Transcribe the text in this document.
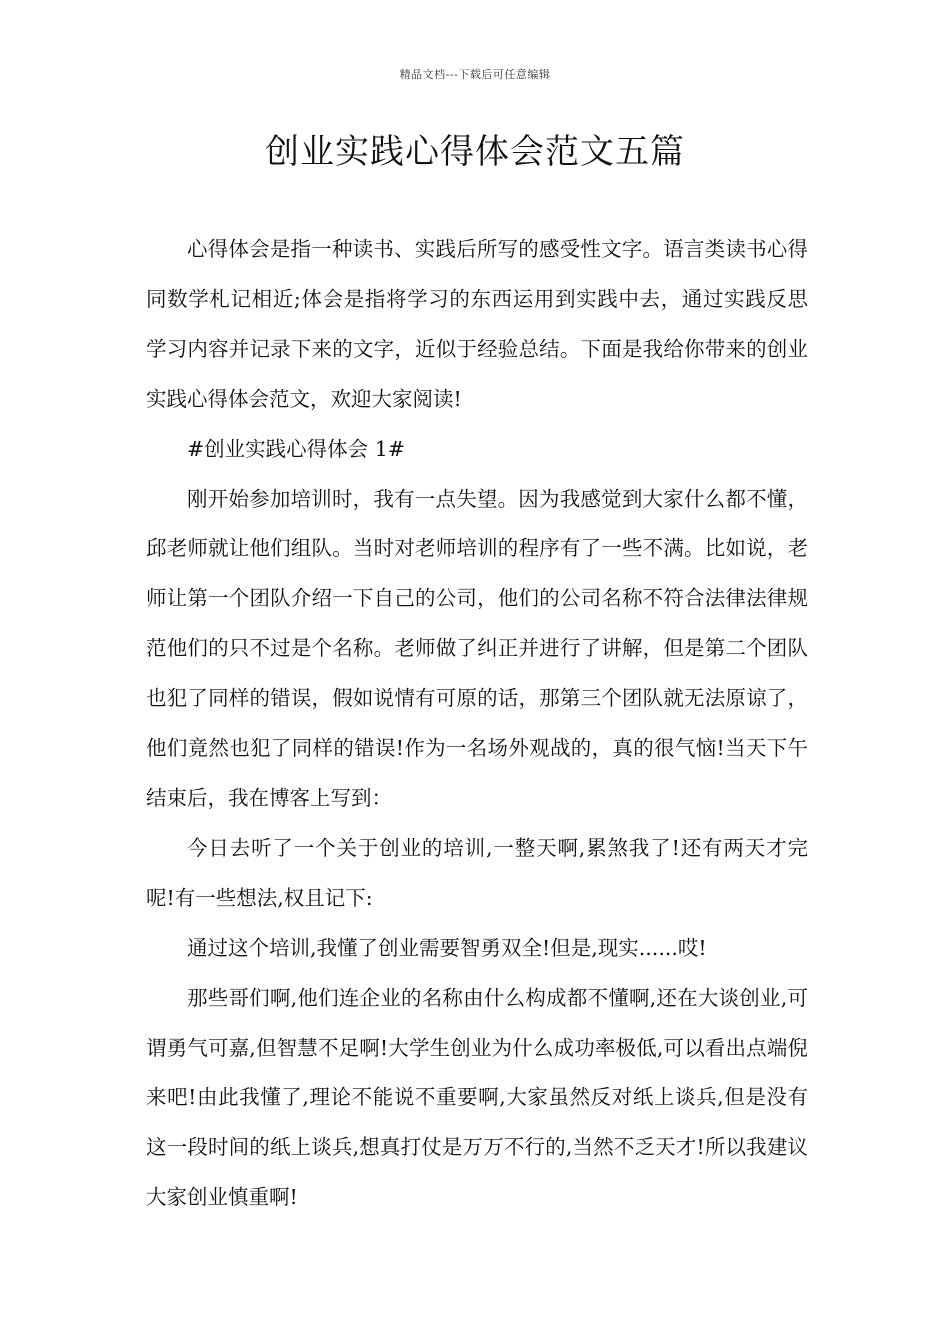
精品文档---下载后可任意编辑
创业实践心得体会范文五篇

心得体会是指一种读书、实践后所写的感受性文字。语言类读书心得同数学札记相近;体会是指将学习的东西运用到实践中去，通过实践反思学习内容并记录下来的文字，近似于经验总结。下面是我给你带来的创业实践心得体会范文，欢迎大家阅读!

#创业实践心得体会 1#

刚开始参加培训时，我有一点失望。因为我感觉到大家什么都不懂，邱老师就让他们组队。当时对老师培训的程序有了一些不满。比如说，老师让第一个团队介绍一下自己的公司，他们的公司名称不符合法律法律规范他们的只不过是个名称。老师做了纠正并进行了讲解，但是第二个团队也犯了同样的错误，假如说情有可原的话，那第三个团队就无法原谅了，他们竟然也犯了同样的错误!作为一名场外观战的，真的很气恼!当天下午结束后，我在博客上写到：

今日去听了一个关于创业的培训,一整天啊,累煞我了!还有两天才完呢!有一些想法,权且记下:

通过这个培训,我懂了创业需要智勇双全!但是,现实......哎!

那些哥们啊,他们连企业的名称由什么构成都不懂啊,还在大谈创业,可谓勇气可嘉,但智慧不足啊!大学生创业为什么成功率极低,可以看出点端倪来吧!由此我懂了,理论不能说不重要啊,大家虽然反对纸上谈兵,但是没有这一段时间的纸上谈兵,想真打仗是万万不行的,当然不乏天才!所以我建议大家创业慎重啊!
